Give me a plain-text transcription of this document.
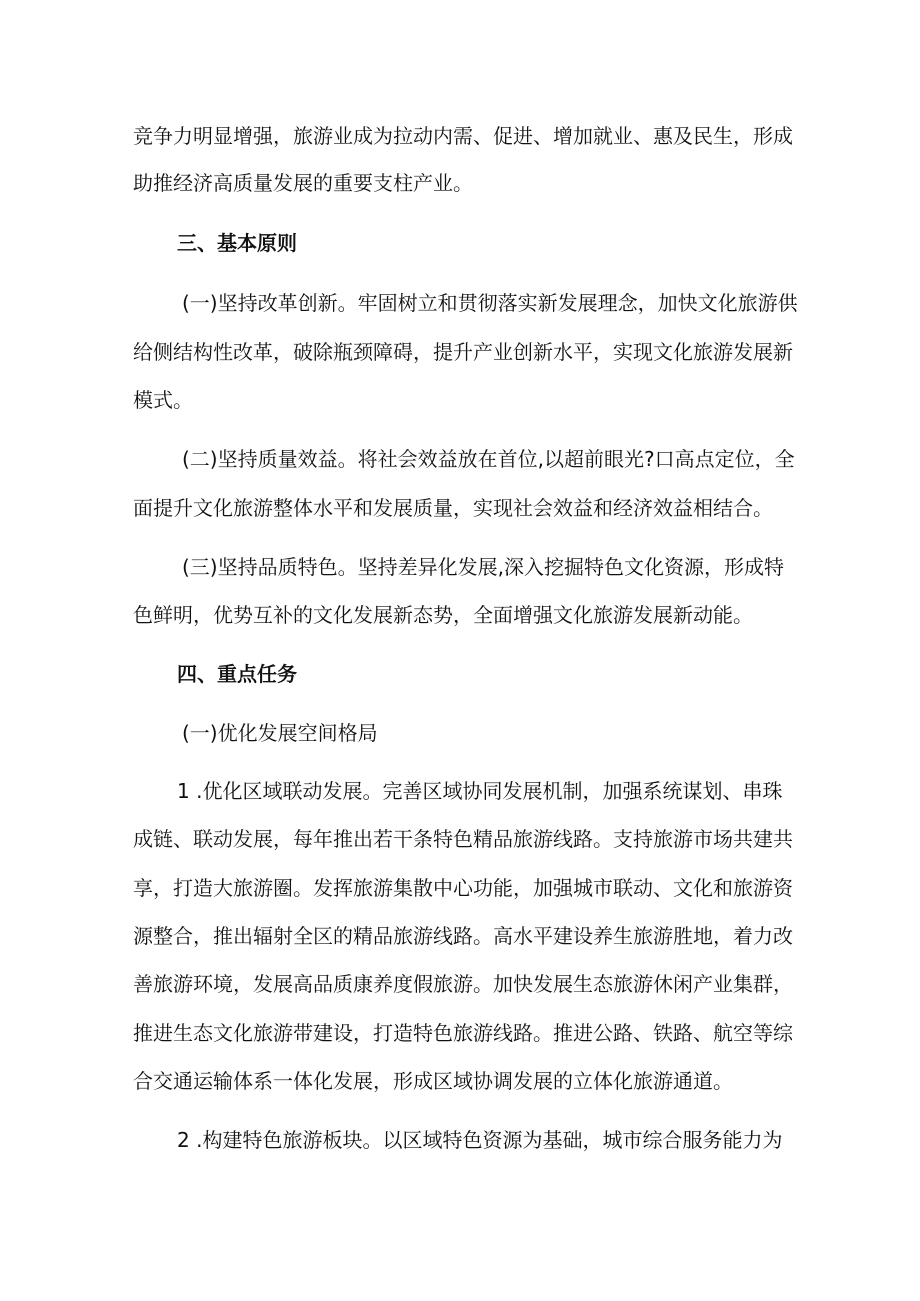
竞争力明显增强，旅游业成为拉动内需、促进、增加就业、惠及民生，形成
助推经济高质量发展的重要支柱产业。
三、基本原则
(一)坚持改革创新。牢固树立和贯彻落实新发展理念，加快文化旅游供
给侧结构性改革，破除瓶颈障碍，提升产业创新水平，实现文化旅游发展新
模式。
(二)坚持质量效益。将社会效益放在首位,以超前眼光?口高点定位，全
面提升文化旅游整体水平和发展质量，实现社会效益和经济效益相结合。
(三)坚持品质特色。坚持差异化发展,深入挖掘特色文化资源，形成特
色鲜明，优势互补的文化发展新态势，全面增强文化旅游发展新动能。
四、重点任务
(一)优化发展空间格局
1 .优化区域联动发展。完善区域协同发展机制，加强系统谋划、串珠
成链、联动发展，每年推出若干条特色精品旅游线路。支持旅游市场共建共
享，打造大旅游圈。发挥旅游集散中心功能，加强城市联动、文化和旅游资
源整合，推出辐射全区的精品旅游线路。高水平建设养生旅游胜地，着力改
善旅游环境，发展高品质康养度假旅游。加快发展生态旅游休闲产业集群，
推进生态文化旅游带建设，打造特色旅游线路。推进公路、铁路、航空等综
合交通运输体系一体化发展，形成区域协调发展的立体化旅游通道。
2 .构建特色旅游板块。以区域特色资源为基础，城市综合服务能力为
